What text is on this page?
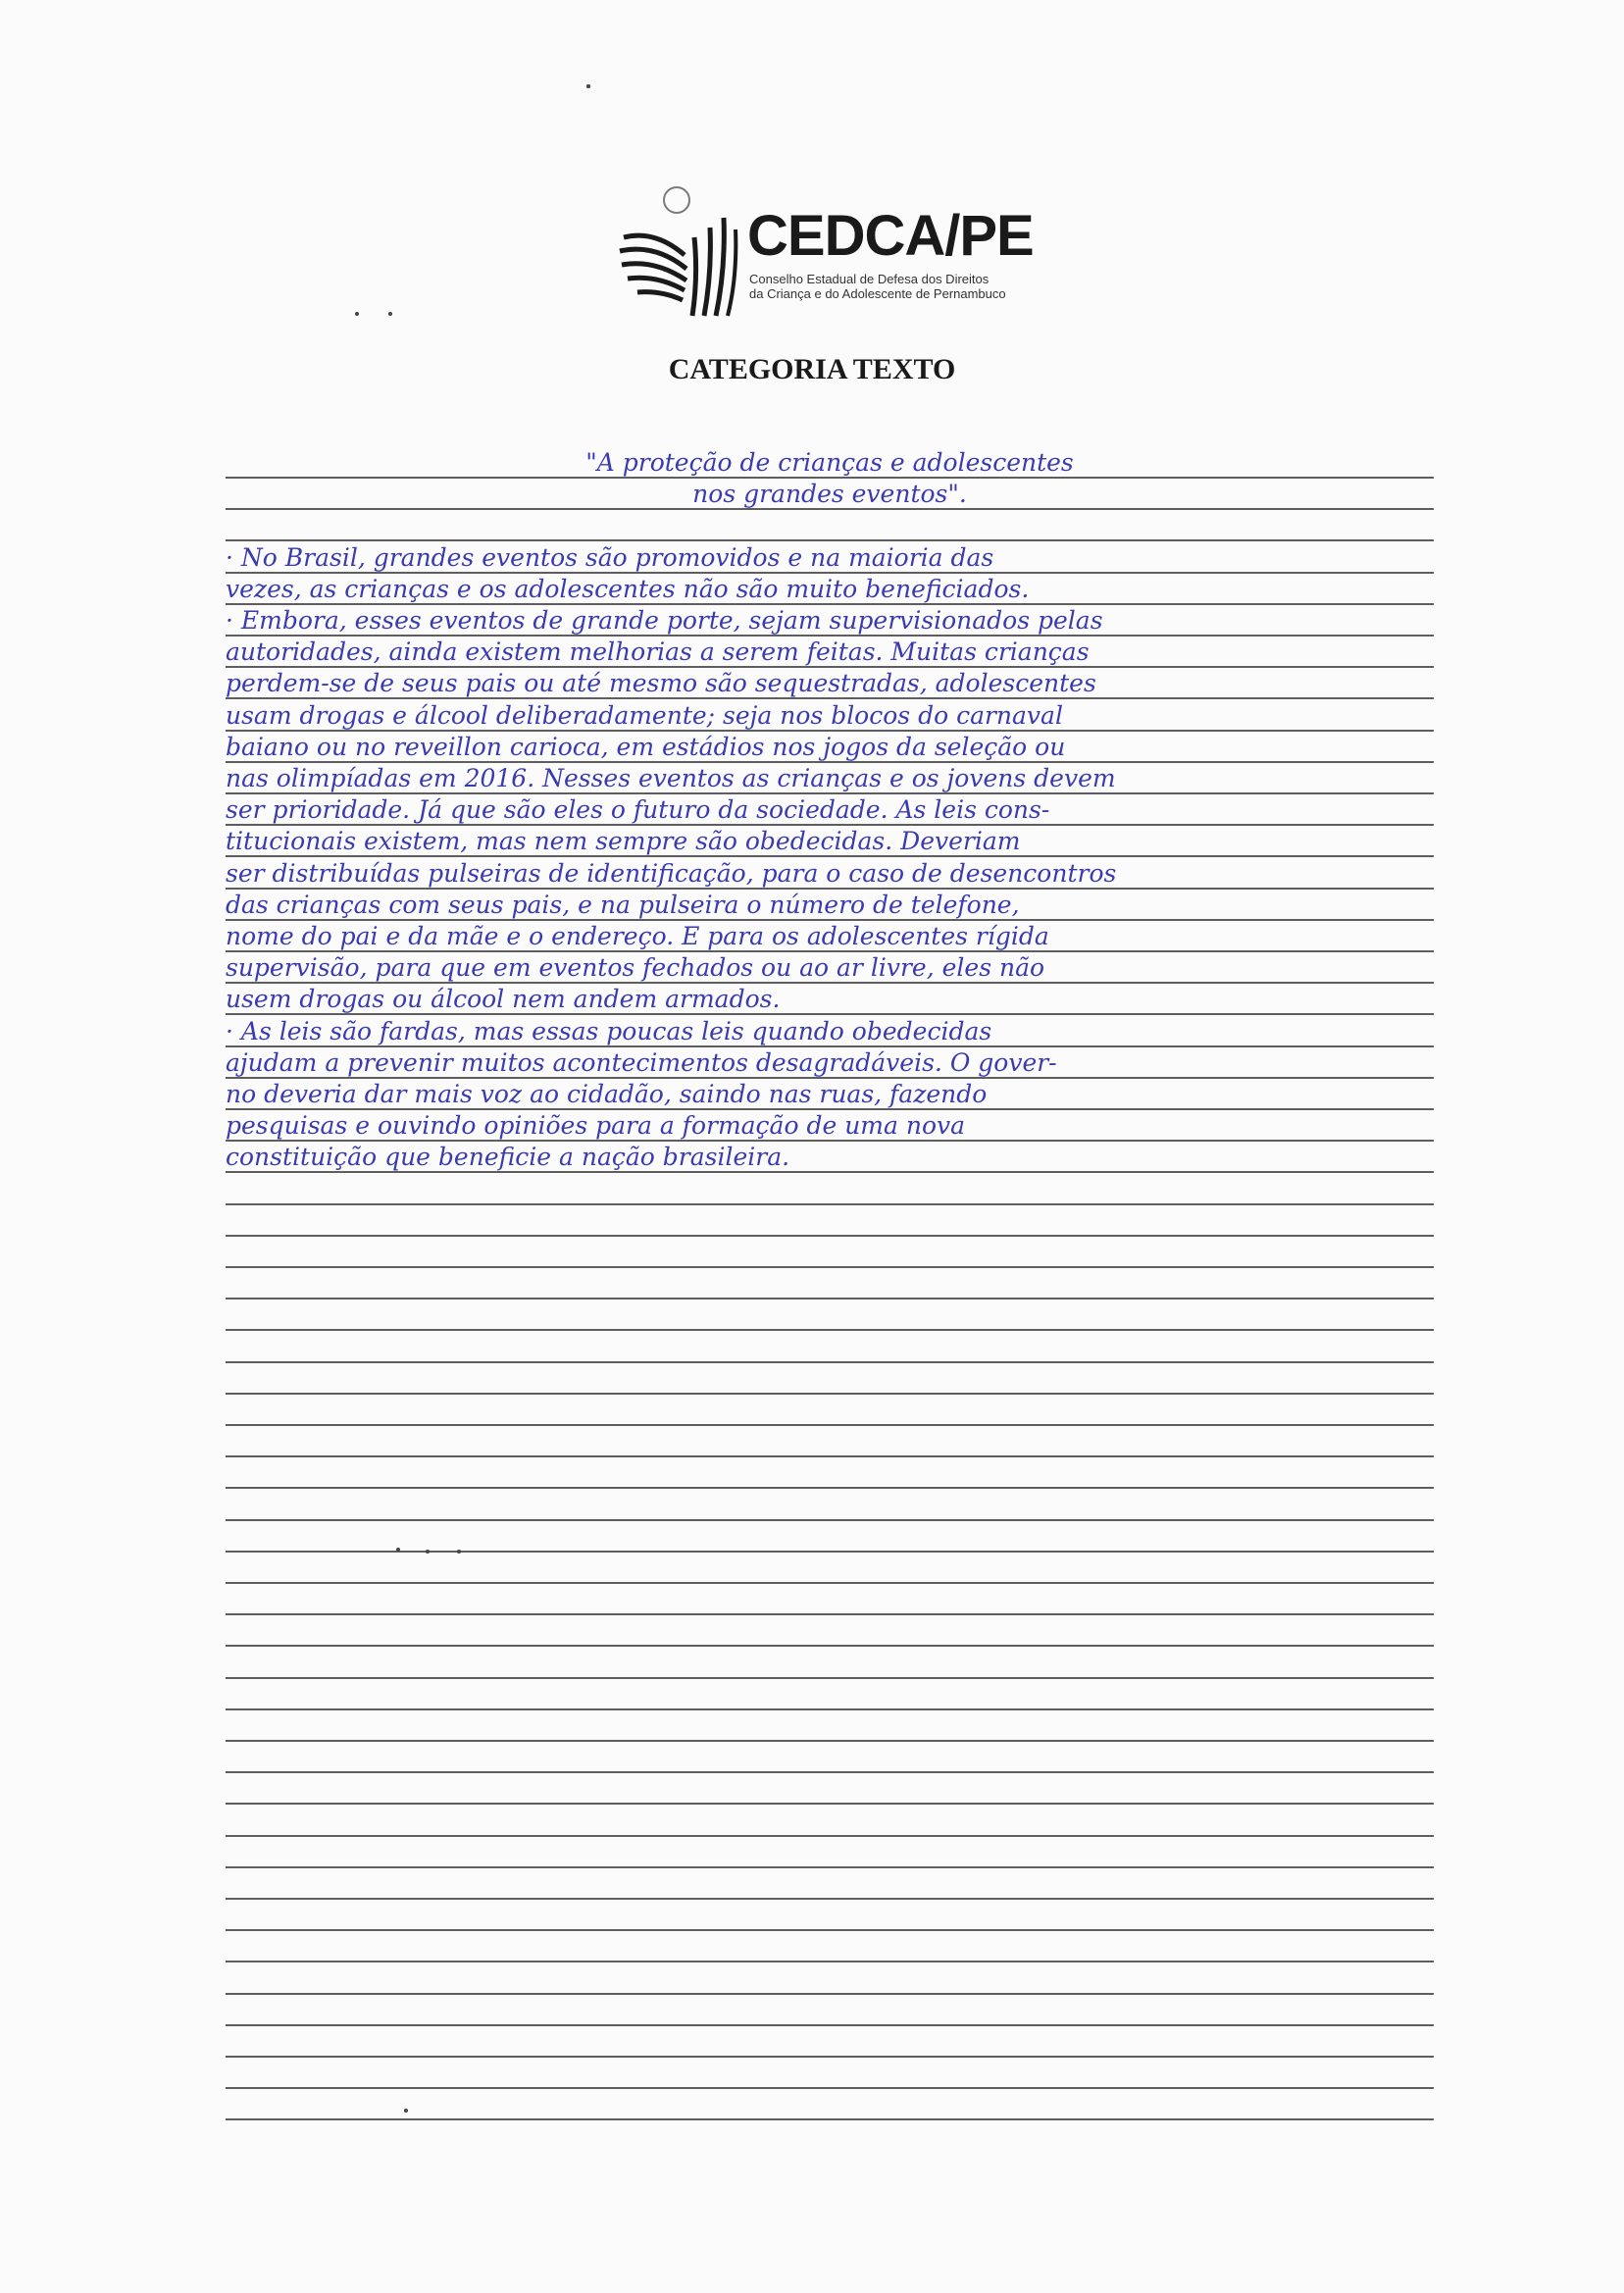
CEDCA/PE
Conselho Estadual de Defesa dos Direitos
da Criança e do Adolescente de Pernambuco
CATEGORIA TEXTO
"A proteção de crianças e adolescentes
nos grandes eventos".
· No Brasil, grandes eventos são promovidos e na maioria das
vezes, as crianças e os adolescentes não são muito beneficiados.
· Embora, esses eventos de grande porte, sejam supervisionados pelas
autoridades, ainda existem melhorias a serem feitas. Muitas crianças
perdem-se de seus pais ou até mesmo são sequestradas, adolescentes
usam drogas e álcool deliberadamente; seja nos blocos do carnaval
baiano ou no reveillon carioca, em estádios nos jogos da seleção ou
nas olimpíadas em 2016. Nesses eventos as crianças e os jovens devem
ser prioridade. Já que são eles o futuro da sociedade. As leis cons-
titucionais existem, mas nem sempre são obedecidas. Deveriam
ser distribuídas pulseiras de identificação, para o caso de desencontros
das crianças com seus pais, e na pulseira o número de telefone,
nome do pai e da mãe e o endereço. E para os adolescentes rígida
supervisão, para que em eventos fechados ou ao ar livre, eles não
usem drogas ou álcool nem andem armados.
· As leis são fardas, mas essas poucas leis quando obedecidas
ajudam a prevenir muitos acontecimentos desagradáveis. O gover-
no deveria dar mais voz ao cidadão, saindo nas ruas, fazendo
pesquisas e ouvindo opiniões para a formação de uma nova
constituição que beneficie a nação brasileira.
